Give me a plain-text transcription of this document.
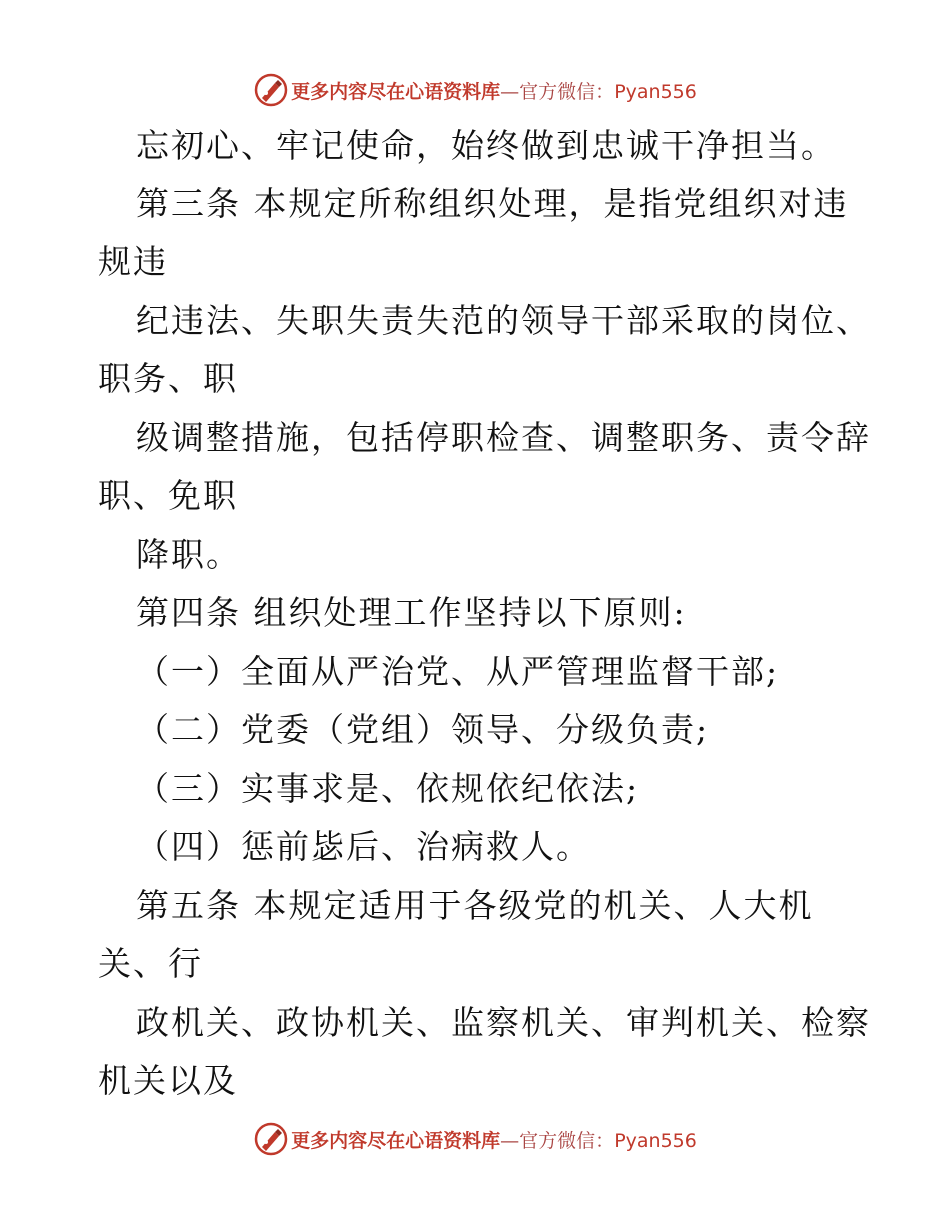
更多内容尽在心语资料库—官方微信：Pyan556
忘初心、牢记使命，始终做到忠诚干净担当。
第三条 本规定所称组织处理，是指党组织对违
规违
纪违法、失职失责失范的领导干部采取的岗位、
职务、职
级调整措施，包括停职检查、调整职务、责令辞
职、免职
降职。
第四条 组织处理工作坚持以下原则:
（一）全面从严治党、从严管理监督干部;
（二）党委（党组）领导、分级负责;
（三）实事求是、依规依纪依法;
（四）惩前毖后、治病救人。
第五条 本规定适用于各级党的机关、人大机
关、行
政机关、政协机关、监察机关、审判机关、检察
机关以及
更多内容尽在心语资料库—官方微信：Pyan556
